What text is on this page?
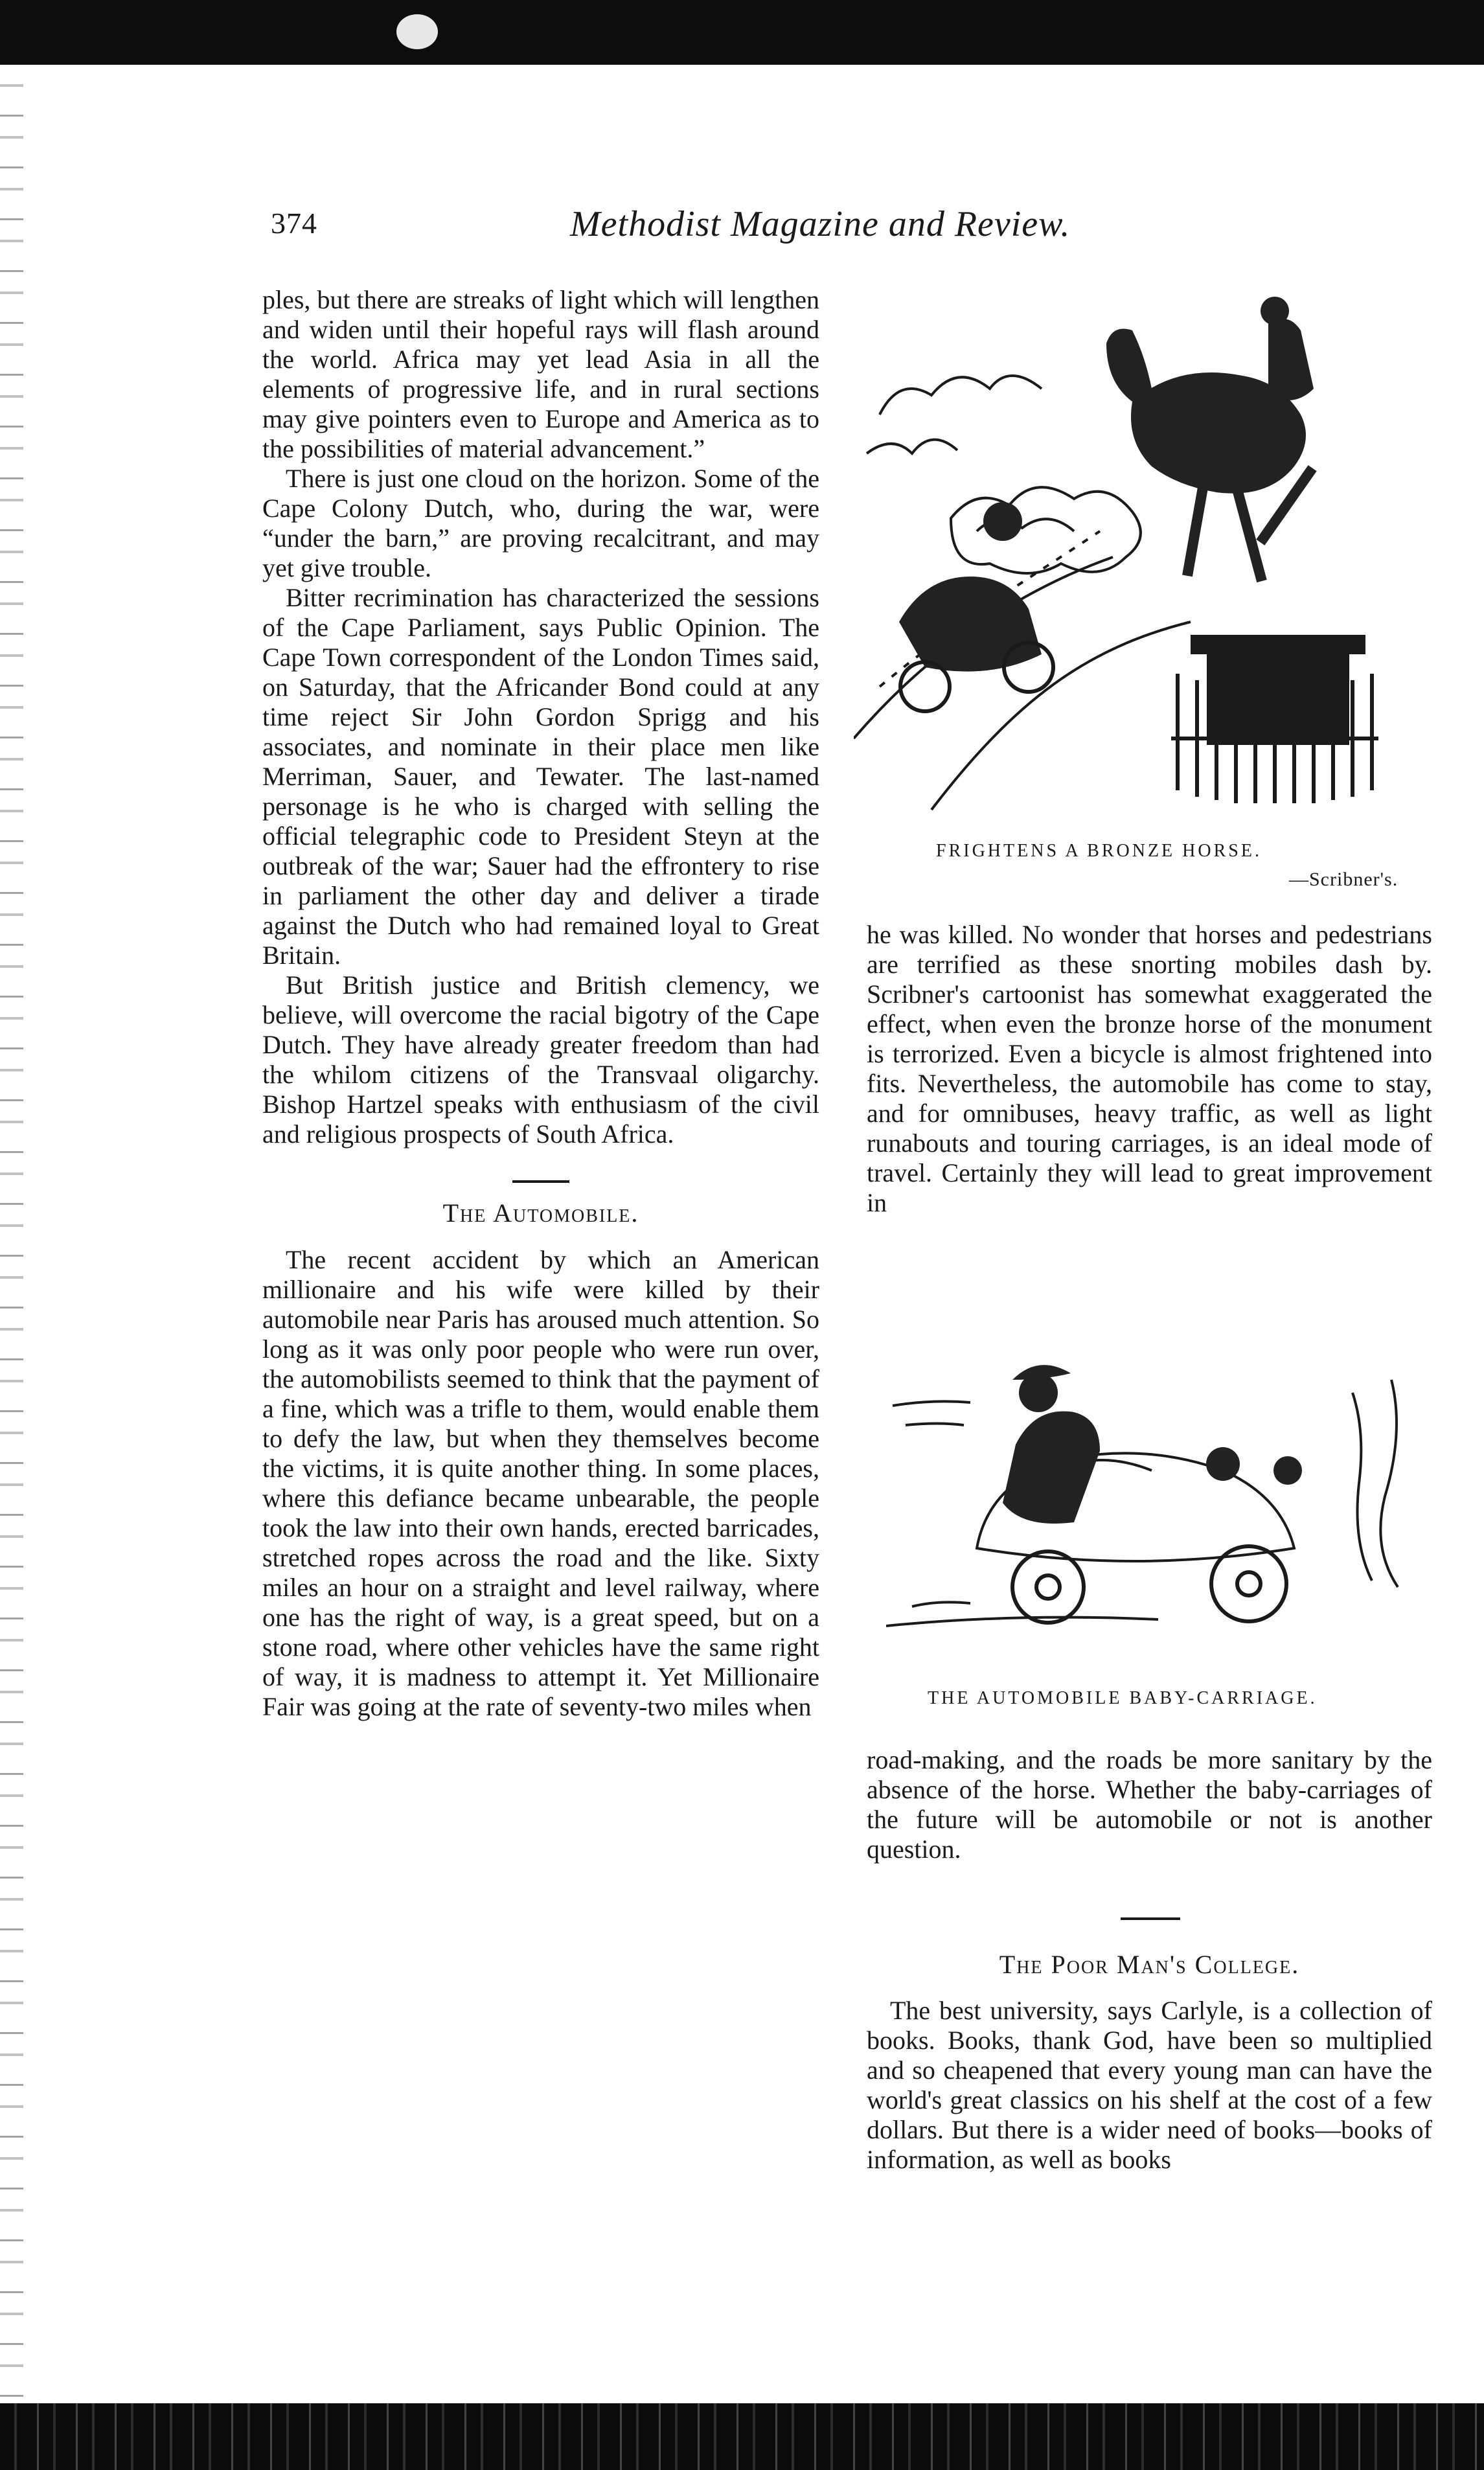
374	Methodist Magazine and Review.

ples, but there are streaks of light which will lengthen and widen until their hopeful rays will flash around the world. Africa may yet lead Asia in all the elements of progressive life, and in rural sections may give pointers even to Europe and America as to the possibilities of material advancement.”

There is just one cloud on the horizon. Some of the Cape Colony Dutch, who, during the war, were “under the barn,” are proving recalcitrant, and may yet give trouble.

Bitter recrimination has characterized the sessions of the Cape Parliament, says Public Opinion. The Cape Town correspondent of the London Times said, on Saturday, that the Africander Bond could at any time reject Sir John Gordon Sprigg and his associates, and nominate in their place men like Merriman, Sauer, and Tewater. The last-named personage is he who is charged with selling the official telegraphic code to President Steyn at the outbreak of the war; Sauer had the effrontery to rise in parliament the other day and deliver a tirade against the Dutch who had remained loyal to Great Britain.

But British justice and British clemency, we believe, will overcome the racial bigotry of the Cape Dutch. They have already greater freedom than had the whilom citizens of the Transvaal oligarchy. Bishop Hartzel speaks with enthusiasm of the civil and religious prospects of South Africa.

The Automobile.

The recent accident by which an American millionaire and his wife were killed by their automobile near Paris has aroused much attention. So long as it was only poor people who were run over, the automobilists seemed to think that the payment of a fine, which was a trifle to them, would enable them to defy the law, but when they themselves become the victims, it is quite another thing. In some places, where this defiance became unbearable, the people took the law into their own hands, erected barricades, stretched ropes across the road and the like. Sixty miles an hour on a straight and level railway, where one has the right of way, is a great speed, but on a stone road, where other vehicles have the same right of way, it is madness to attempt it. Yet Millionaire Fair was going at the rate of seventy-two miles when

FRIGHTENS A BRONZE HORSE.
—Scribner's.

he was killed. No wonder that horses and pedestrians are terrified as these snorting mobiles dash by. Scribner's cartoonist has somewhat exaggerated the effect, when even the bronze horse of the monument is terrorized. Even a bicycle is almost frightened into fits. Nevertheless, the automobile has come to stay, and for omnibuses, heavy traffic, as well as light runabouts and touring carriages, is an ideal mode of travel. Certainly they will lead to great improvement in

THE AUTOMOBILE BABY-CARRIAGE.

road-making, and the roads be more sanitary by the absence of the horse. Whether the baby-carriages of the future will be automobile or not is another question.

The Poor Man's College.

The best university, says Carlyle, is a collection of books. Books, thank God, have been so multiplied and so cheapened that every young man can have the world's great classics on his shelf at the cost of a few dollars. But there is a wider need of books—books of information, as well as books
